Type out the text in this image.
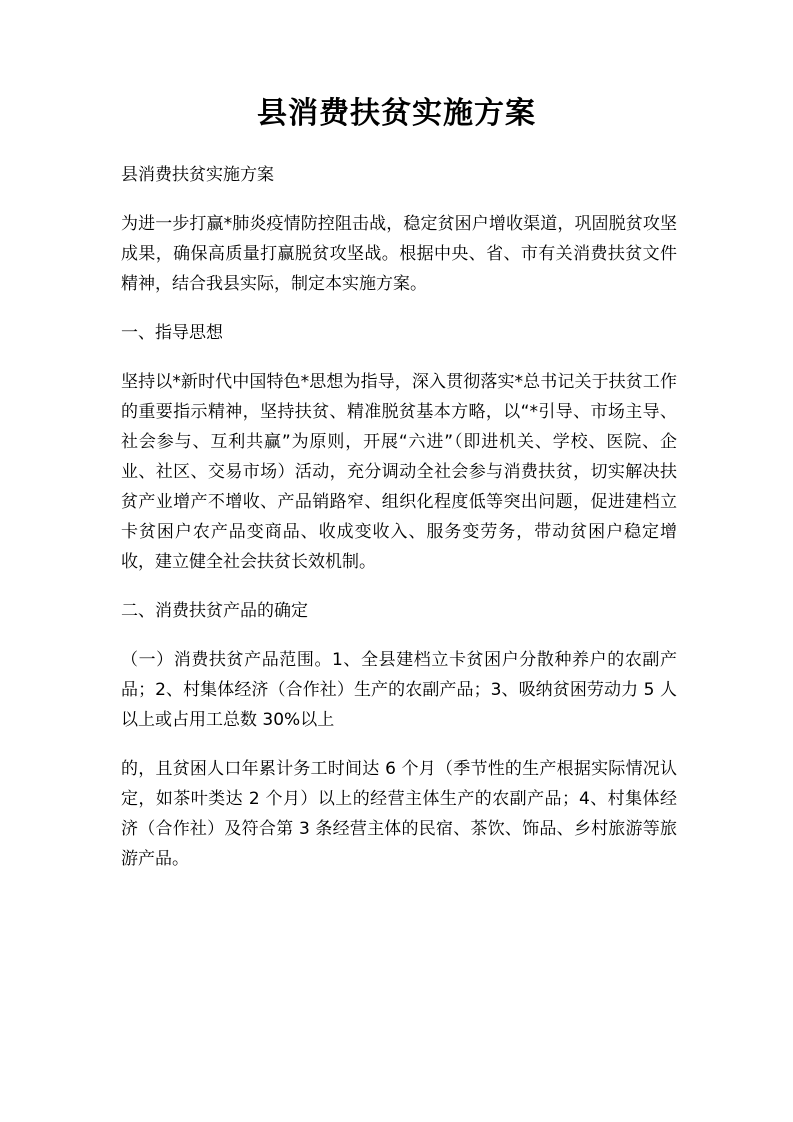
县消费扶贫实施方案

县消费扶贫实施方案

为进一步打赢*肺炎疫情防控阻击战，稳定贫困户增收渠道，巩固脱贫攻坚成果，确保高质量打赢脱贫攻坚战。根据中央、省、市有关消费扶贫文件精神，结合我县实际，制定本实施方案。

一、指导思想

坚持以*新时代中国特色*思想为指导，深入贯彻落实*总书记关于扶贫工作的重要指示精神，坚持扶贫、精准脱贫基本方略，以“*引导、市场主导、社会参与、互利共赢”为原则，开展“六进”（即进机关、学校、医院、企业、社区、交易市场）活动，充分调动全社会参与消费扶贫，切实解决扶贫产业增产不增收、产品销路窄、组织化程度低等突出问题，促进建档立卡贫困户农产品变商品、收成变收入、服务变劳务，带动贫困户稳定增收，建立健全社会扶贫长效机制。

二、消费扶贫产品的确定

（一）消费扶贫产品范围。1、全县建档立卡贫困户分散种养户的农副产品；2、村集体经济（合作社）生产的农副产品；3、吸纳贫困劳动力 5 人以上或占用工总数 30%以上

的，且贫困人口年累计务工时间达 6 个月（季节性的生产根据实际情况认定，如茶叶类达 2 个月）以上的经营主体生产的农副产品；4、村集体经济（合作社）及符合第 3 条经营主体的民宿、茶饮、饰品、乡村旅游等旅游产品。
